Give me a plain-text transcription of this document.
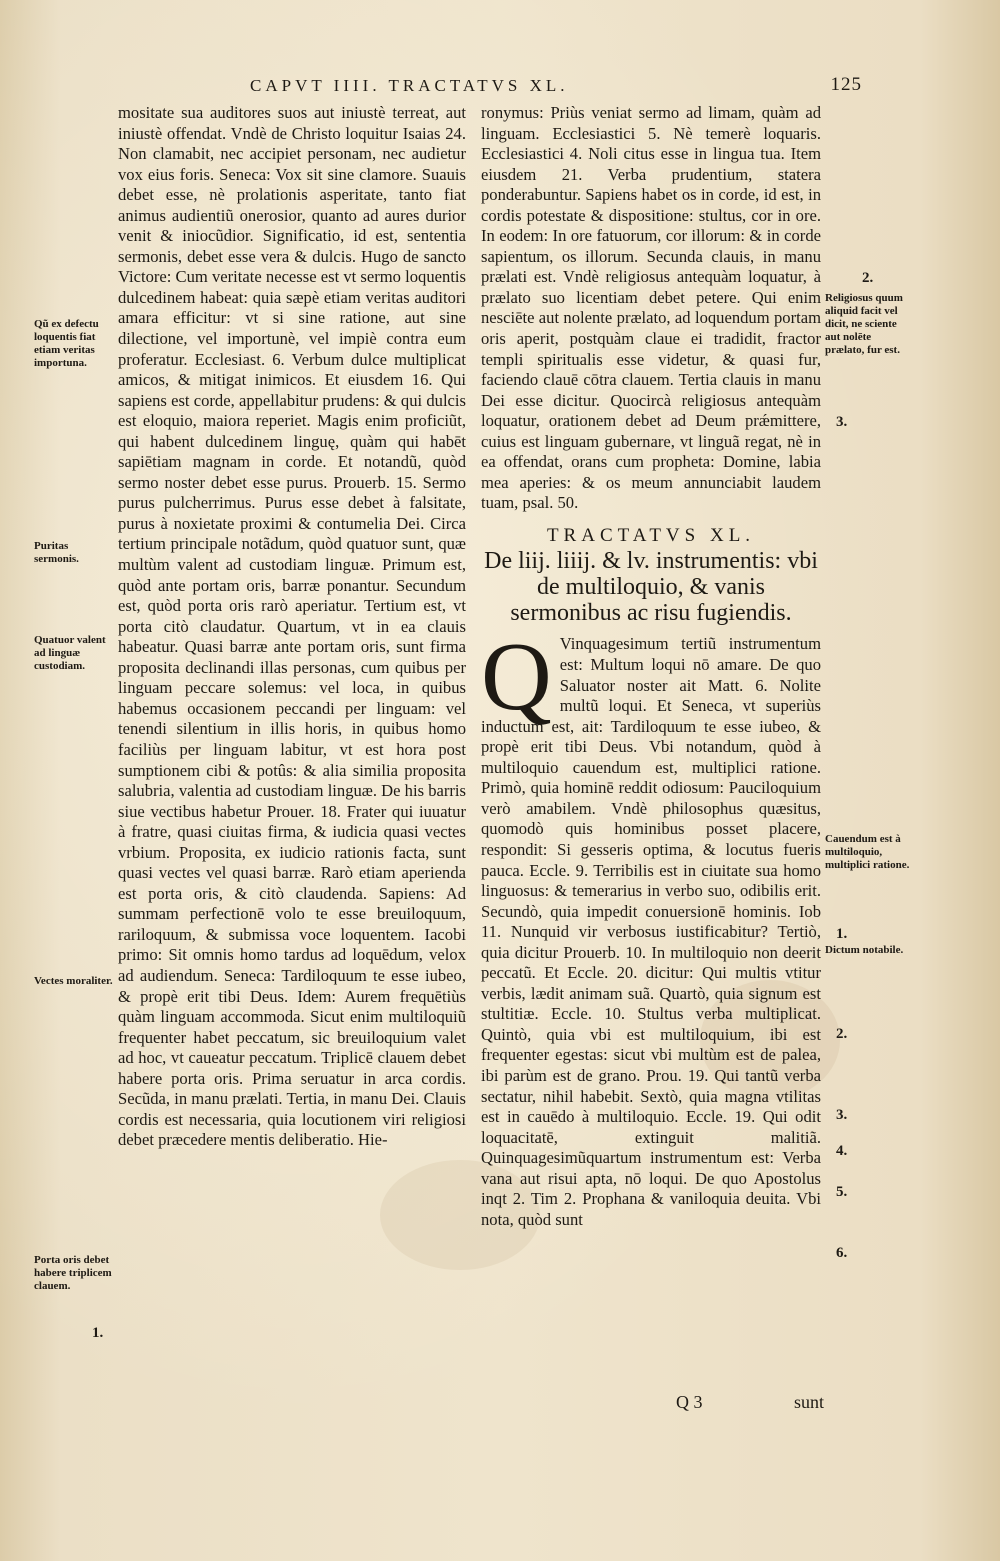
CAPVT IIII. TRACTATVS XL.	125
Qũ ex defectu loquentis fiat etiam veritas importuna.
Puritas sermonis.
Quatuor valent ad linguæ custodiam.
Vectes moraliter.
Porta oris debet habere triplicem clauem.
1.
Religiosus quum aliquid facit vel dicit, ne sciente aut nolēte prælato, fur est.
Cauendum est à multiloquio, multiplici ratione.
Dictum notabile.
2.
3.
1.
2.
3.
4.
5.
6.

mositate sua auditores suos aut iniustè terreat, aut iniustè offendat. Vndè de Christo loquitur Isaias 24. Non clamabit, nec accipiet personam, nec audietur vox eius foris. Seneca: Vox sit sine clamore. Suauis debet esse, nè prolationis asperitate, tanto fiat animus audientiũ onerosior, quanto ad aures durior venit & iniocũdior. Significatio, id est, sententia sermonis, debet esse vera & dulcis. Hugo de sancto Victore: Cum veritate necesse est vt sermo loquentis dulcedinem habeat: quia sæpè etiam veritas auditori amara efficitur: vt si sine ratione, aut sine dilectione, vel importunè, vel impiè contra eum proferatur. Ecclesiast. 6. Verbum dulce multiplicat amicos, & mitigat inimicos. Et eiusdem 16. Qui sapiens est corde, appellabitur prudens: & qui dulcis est eloquio, maiora reperiet. Magis enim proficiũt, qui habent dulcedinem linguę, quàm qui habēt sapiētiam magnam in corde. Et notandũ, quòd sermo noster debet esse purus. Prouerb. 15. Sermo purus pulcherrimus. Purus esse debet à falsitate, purus à noxietate proximi & contumelia Dei. Circa tertium principale notãdum, quòd quatuor sunt, quæ multùm valent ad custodiam linguæ. Primum est, quòd ante portam oris, barræ ponantur. Secundum est, quòd porta oris rarò aperiatur. Tertium est, vt porta citò claudatur. Quartum, vt in ea clauis habeatur. Quasi barræ ante portam oris, sunt firma proposita declinandi illas personas, cum quibus per linguam peccare solemus: vel loca, in quibus habemus occasionem peccandi per linguam: vel tenendi silentium in illis horis, in quibus homo faciliùs per linguam labitur, vt est hora post sumptionem cibi & potûs: & alia similia proposita salubria, valentia ad custodiam linguæ. De his barris siue vectibus habetur Prouer. 18. Frater qui iuuatur à fratre, quasi ciuitas firma, & iudicia quasi vectes vrbium. Proposita, ex iudicio rationis facta, sunt quasi vectes vel quasi barræ. Rarò etiam aperienda est porta oris, & citò claudenda. Sapiens: Ad summam perfectionē volo te esse breuiloquum, rariloquum, & submissa voce loquentem. Iacobi primo: Sit omnis homo tardus ad loquēdum, velox ad audiendum. Seneca: Tardiloquum te esse iubeo, & propè erit tibi Deus. Idem: Aurem frequētiùs quàm linguam accommoda. Sicut enim multiloquiũ frequenter habet peccatum, sic breuiloquium valet ad hoc, vt caueatur peccatum. Triplicē clauem debet habere porta oris. Prima seruatur in arca cordis. Secũda, in manu prælati. Tertia, in manu Dei. Clauis cordis est necessaria, quia locutionem viri religiosi debet præcedere mentis deliberatio. Hie-

ronymus: Priùs veniat sermo ad limam, quàm ad linguam. Ecclesiastici 5. Nè temerè loquaris. Ecclesiastici 4. Noli citus esse in lingua tua. Item eiusdem 21. Verba prudentium, statera ponderabuntur. Sapiens habet os in corde, id est, in cordis potestate & dispositione: stultus, cor in ore. In eodem: In ore fatuorum, cor illorum: & in corde sapientum, os illorum. Secunda clauis, in manu prælati est. Vndè religiosus antequàm loquatur, à prælato suo licentiam debet petere. Qui enim nesciēte aut nolente prælato, ad loquendum portam oris aperit, postquàm claue ei tradidit, fractor templi spiritualis esse videtur, & quasi fur, faciendo clauē cōtra clauem. Tertia clauis in manu Dei esse dicitur. Quocircà religiosus antequàm loquatur, orationem debet ad Deum prǽmittere, cuius est linguam gubernare, vt linguã regat, nè in ea offendat, orans cum propheta: Domine, labia mea aperies: & os meum annunciabit laudem tuam, psal. 50.

TRACTATVS XL.
De liij. liiij. & lv. instrumentis: vbi de multiloquio, & vanis sermonibus ac risu fugiendis.

Q Vinquagesimum tertiũ instrumentum est: Multum loqui nō amare. De quo Saluator noster ait Matt. 6. Nolite multũ loqui. Et Seneca, vt superiùs inductum est, ait: Tardiloquum te esse iubeo, & propè erit tibi Deus. Vbi notandum, quòd à multiloquio cauendum est, multiplici ratione. Primò, quia hominē reddit odiosum: Pauciloquium verò amabilem. Vndè philosophus quæsitus, quomodò quis hominibus posset placere, respondit: Si gesseris optima, & locutus fueris pauca. Eccle. 9. Terribilis est in ciuitate sua homo linguosus: & temerarius in verbo suo, odibilis erit. Secundò, quia impedit conuersionē hominis. Iob 11. Nunquid vir verbosus iustificabitur? Tertiò, quia dicitur Prouerb. 10. In multiloquio non deerit peccatũ. Et Eccle. 20. dicitur: Qui multis vtitur verbis, lædit animam suã. Quartò, quia signum est stultitiæ. Eccle. 10. Stultus verba multiplicat. Quintò, quia vbi est multiloquium, ibi est frequenter egestas: sicut vbi multùm est de palea, ibi parùm est de grano. Prou. 19. Qui tantũ verba sectatur, nihil habebit. Sextò, quia magna vtilitas est in cauēdo à multiloquio. Eccle. 19. Qui odit loquacitatē, extinguit malitiã. Quinquagesimũquartum instrumentum est: Verba vana aut risui apta, nō loqui. De quo Apostolus inqt 2. Tim 2. Prophana & vaniloquia deuita. Vbi nota, quòd sunt

Q 3	sunt
